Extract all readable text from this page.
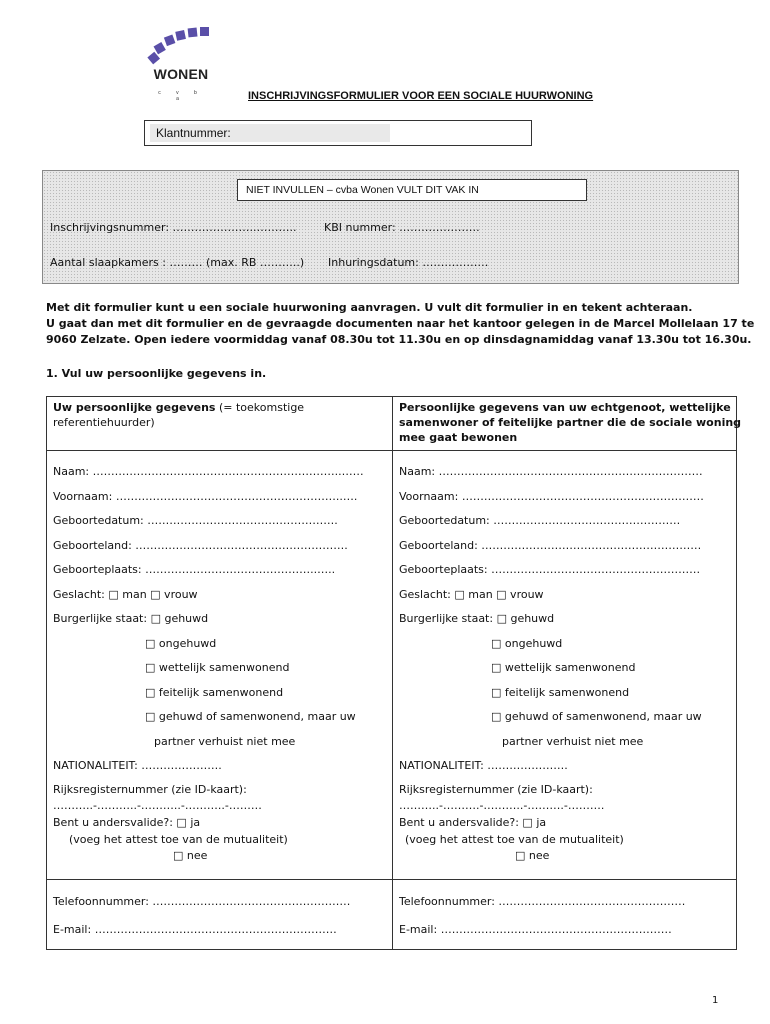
WONEN
c v b a	INSCHRIJVINGSFORMULIER VOOR EEN SOCIALE HUURWONING
Klantnummer:
NIET INVULLEN – cvba Wonen VULT DIT VAK IN
Inschrijvingsnummer: …………………..……….. KBI nummer: ………………….
Aantal slaapkamers : ……… (max. RB ………..) Inhuringsdatum: ………………
Met dit formulier kunt u een sociale huurwoning aanvragen. U vult dit formulier in en tekent achteraan.
U gaat dan met dit formulier en de gevraagde documenten naar het kantoor gelegen in de Marcel Mollelaan 17 te
9060 Zelzate. Open iedere voormiddag vanaf 08.30u tot 11.30u en op dinsdagnamiddag vanaf 13.30u tot 16.30u.
1. Vul uw persoonlijke gegevens in.
Uw persoonlijke gegevens (= toekomstige
referentiehuurder)
Persoonlijke gegevens van uw echtgenoot, wettelijke
samenwoner of feitelijke partner die de sociale woning
mee gaat bewonen
Naam: …………………………………………………………..……
Voornaam: ……………………………………………………..….
Geboortedatum: …………………………………………….
Geboorteland: ………………………………………………….
Geboorteplaats: ………………………………………..…..
Geslacht: □ man □ vrouw
Burgerlijke staat: □ gehuwd
□ ongehuwd
□ wettelijk samenwonend
□ feitelijk samenwonend
□ gehuwd of samenwonend, maar uw
partner verhuist niet mee
NATIONALITEIT: ………………….
Rijksregisternummer (zie ID-kaart):
………..-………..-………..-………..-………
Bent u andersvalide?: □ ja
(voeg het attest toe van de mutualiteit)
□ nee
Telefoonnummer: ………………………………………………
E-mail: …………………………………………………………
Naam: ………………………………………………………………
Voornaam: …………………………………………………………
Geboortedatum: ……………………………………………
Geboorteland: ……………………………………………………
Geboorteplaats: …………………………………………………
Geslacht: □ man □ vrouw
Burgerlijke staat: □ gehuwd
□ ongehuwd
□ wettelijk samenwonend
□ feitelijk samenwonend
□ gehuwd of samenwonend, maar uw
partner verhuist niet mee
NATIONALITEIT: ………………….
Rijksregisternummer (zie ID-kaart):
………..-……….-………..-……….-……….
Bent u andersvalide?: □ ja
(voeg het attest toe van de mutualiteit)
□ nee
Telefoonnummer: ……………………………………………
E-mail: ………………………………………………………
1
